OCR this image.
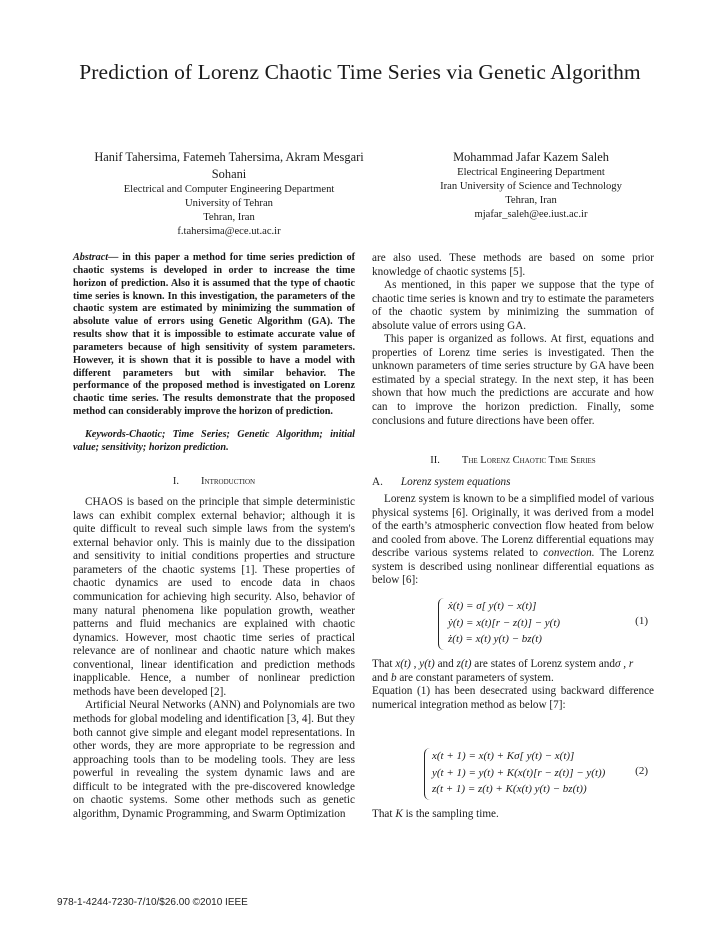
Prediction of Lorenz Chaotic Time Series via Genetic Algorithm
Hanif Tahersima, Fatemeh Tahersima, Akram Mesgari
Sohani
Electrical and Computer Engineering Department
University of Tehran
Tehran, Iran
f.tahersima@ece.ut.ac.ir
Mohammad Jafar Kazem Saleh
Electrical Engineering Department
Iran University of Science and Technology
Tehran, Iran
mjafar_saleh@ee.iust.ac.ir

Abstract— in this paper a method for time series prediction of chaotic systems is developed in order to increase the time horizon of prediction. Also it is assumed that the type of chaotic time series is known. In this investigation, the parameters of the chaotic system are estimated by minimizing the summation of absolute value of errors using Genetic Algorithm (GA). The results show that it is impossible to estimate accurate value of parameters because of high sensitivity of system parameters. However, it is shown that it is possible to have a model with different parameters but with similar behavior. The performance of the proposed method is investigated on Lorenz chaotic time series. The results demonstrate that the proposed method can considerably improve the horizon of prediction.

Keywords-Chaotic; Time Series; Genetic Algorithm; initial value; sensitivity; horizon prediction.

I. Introduction

CHAOS is based on the principle that simple deterministic laws can exhibit complex external behavior; although it is quite difficult to reveal such simple laws from the system's external behavior only. This is mainly due to the dissipation and sensitivity to initial conditions properties and structure parameters of the chaotic systems [1]. These properties of chaotic dynamics are used to encode data in chaos communication for achieving high security. Also, behavior of many natural phenomena like population growth, weather patterns and fluid mechanics are explained with chaotic dynamics. However, most chaotic time series of practical relevance are of nonlinear and chaotic nature which makes conventional, linear identification and prediction methods inapplicable. Hence, a number of nonlinear prediction methods have been developed [2].

Artificial Neural Networks (ANN) and Polynomials are two methods for global modeling and identification [3, 4]. But they both cannot give simple and elegant model representations. In other words, they are more appropriate to be regression and approaching tools than to be modeling tools. They are less powerful in revealing the system dynamic laws and are difficult to be integrated with the pre-discovered knowledge on chaotic systems. Some other methods such as genetic algorithm, Dynamic Programming, and Swarm Optimization

are also used. These methods are based on some prior knowledge of chaotic systems [5].

As mentioned, in this paper we suppose that the type of chaotic time series is known and try to estimate the parameters of the chaotic system by minimizing the summation of absolute value of errors using GA.

This paper is organized as follows. At first, equations and properties of Lorenz time series is investigated. Then the unknown parameters of time series structure by GA have been estimated by a special strategy. In the next step, it has been shown that how much the predictions are accurate and how can to improve the horizon prediction. Finally, some conclusions and future directions have been offer.

II. The Lorenz Chaotic Time Series

A. Lorenz system equations

Lorenz system is known to be a simplified model of various physical systems [6]. Originally, it was derived from a model of the earth’s atmospheric convection flow heated from below and cooled from above. The Lorenz differential equations may describe various systems related to convection. The Lorenz system is described using nonlinear differential equations as below [6]:

ẋ(t) = σ[ y(t) − x(t)]
ẏ(t) = x(t)[r − z(t)] − y(t)
ż(t) = x(t) y(t) − bz(t)
(1)

That x(t) , y(t) and z(t) are states of Lorenz system andσ , r
and b are constant parameters of system.

Equation (1) has been desecrated using backward difference numerical integration method as below [7]:

x(t + 1) = x(t) + Kσ[ y(t) − x(t)]
y(t + 1) = y(t) + K(x(t)[r − z(t)] − y(t))
z(t + 1) = z(t) + K(x(t) y(t) − bz(t))
(2)

That K is the sampling time.

978-1-4244-7230-7/10/$26.00 ©2010 IEEE
